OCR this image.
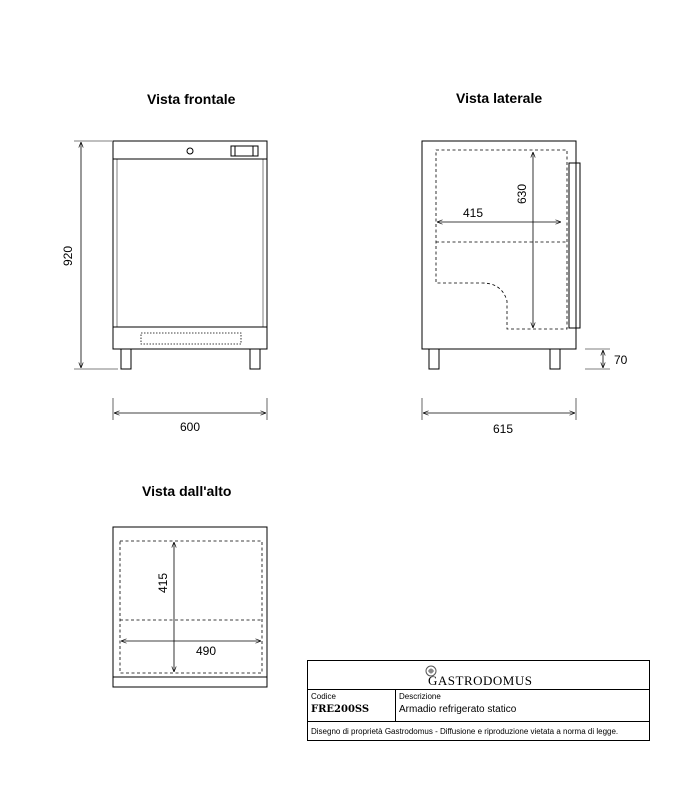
Vista frontale	Vista laterale
Vista dall'alto
920
600
415
630
615
70
415
490
GASTRODOMUS
Codice
FRE200SS
Descrizione
Armadio refrigerato statico
Disegno di proprietà Gastrodomus - Diffusione e riproduzione vietata a norma di legge.
